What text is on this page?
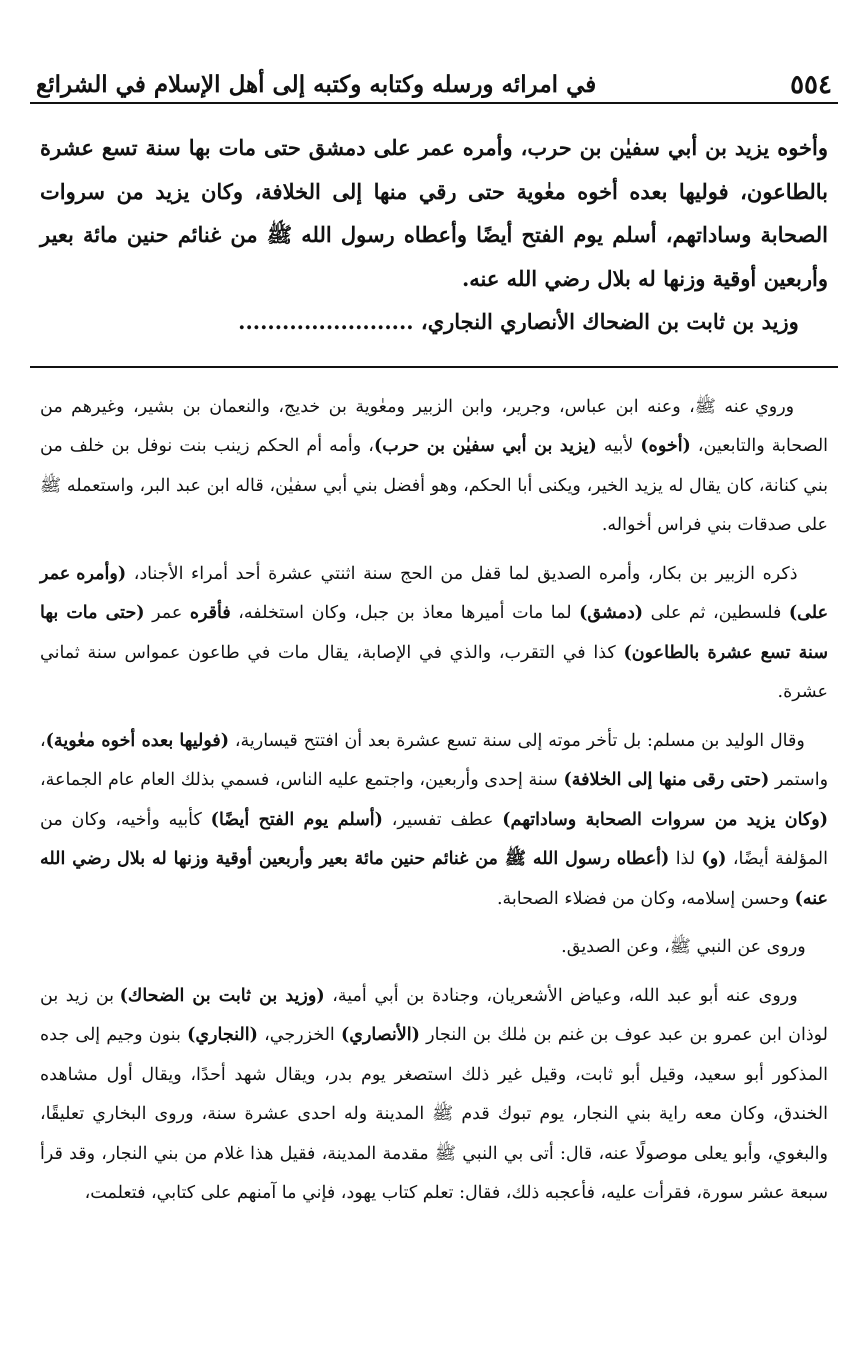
٥٥٤
في امرائه ورسله وكتابه وكتبه إلى أهل الإسلام في الشرائع

وأخوه يزيد بن أبي سفيٰن بن حرب، وأمره عمر على دمشق حتى مات بها سنة تسع عشرة بالطاعون، فوليها بعده أخوه معٰوية حتى رقي منها إلى الخلافة، وكان يزيد من سروات الصحابة وساداتهم، أسلم يوم الفتح أيضًا وأعطاه رسول الله ﷺ من غنائم حنين مائة بعير وأربعين أوقية وزنها له بلال رضي الله عنه.

وزيد بن ثابت بن الضحاك الأنصاري النجاري، ........................

وروي عنه ﷺ، وعنه ابن عباس، وجرير، وابن الزبير ومعٰوية بن خديج، والنعمان بن بشير، وغيرهم من الصحابة والتابعين، (أخوه) لأبيه (يزيد بن أبي سفيٰن بن حرب)، وأمه أم الحكم زينب بنت نوفل بن خلف من بني كنانة، كان يقال له يزيد الخير، ويكنى أبا الحكم، وهو أفضل بني أبي سفيٰن، قاله ابن عبد البر، واستعمله ﷺ على صدقات بني فراس أخواله.

ذكره الزبير بن بكار، وأمره الصديق لما قفل من الحج سنة اثنتي عشرة أحد أمراء الأجناد، (وأمره عمر على) فلسطين، ثم على (دمشق) لما مات أميرها معاذ بن جبل، وكان استخلفه، فأقره عمر (حتى مات بها سنة تسع عشرة بالطاعون) كذا في التقرب، والذي في الإصابة، يقال مات في طاعون عمواس سنة ثماني عشرة.

وقال الوليد بن مسلم: بل تأخر موته إلى سنة تسع عشرة بعد أن افتتح قيسارية، (فوليها بعده أخوه معٰوية)، واستمر (حتى رقى منها إلى الخلافة) سنة إحدى وأربعين، واجتمع عليه الناس، فسمي بذلك العام عام الجماعة، (وكان يزيد من سروات الصحابة وساداتهم) عطف تفسير، (أسلم يوم الفتح أيضًا) كأبيه وأخيه، وكان من المؤلفة أيضًا، (و) لذا (أعطاه رسول الله ﷺ من غنائم حنين مائة بعير وأربعين أوقية وزنها له بلال رضي الله عنه) وحسن إسلامه، وكان من فضلاء الصحابة.

وروى عن النبي ﷺ، وعن الصديق.

وروى عنه أبو عبد الله، وعياض الأشعريان، وجنادة بن أبي أمية، (وزيد بن ثابت بن الضحاك) بن زيد بن لوذان ابن عمرو بن عبد عوف بن غنم بن مٰلك بن النجار (الأنصاري) الخزرجي، (النجاري) بنون وجيم إلى جده المذكور أبو سعيد، وقيل أبو ثابت، وقيل غير ذلك استصغر يوم بدر، ويقال شهد أحدًا، ويقال أول مشاهده الخندق، وكان معه راية بني النجار، يوم تبوك قدم ﷺ المدينة وله احدى عشرة سنة، وروى البخاري تعليقًا، والبغوي، وأبو يعلى موصولًا عنه، قال: أتى بي النبي ﷺ مقدمة المدينة، فقيل هذا غلام من بني النجار، وقد قرأ سبعة عشر سورة، فقرأت عليه، فأعجبه ذلك، فقال: تعلم كتاب يهود، فإني ما آمنهم على كتابي، فتعلمت،
